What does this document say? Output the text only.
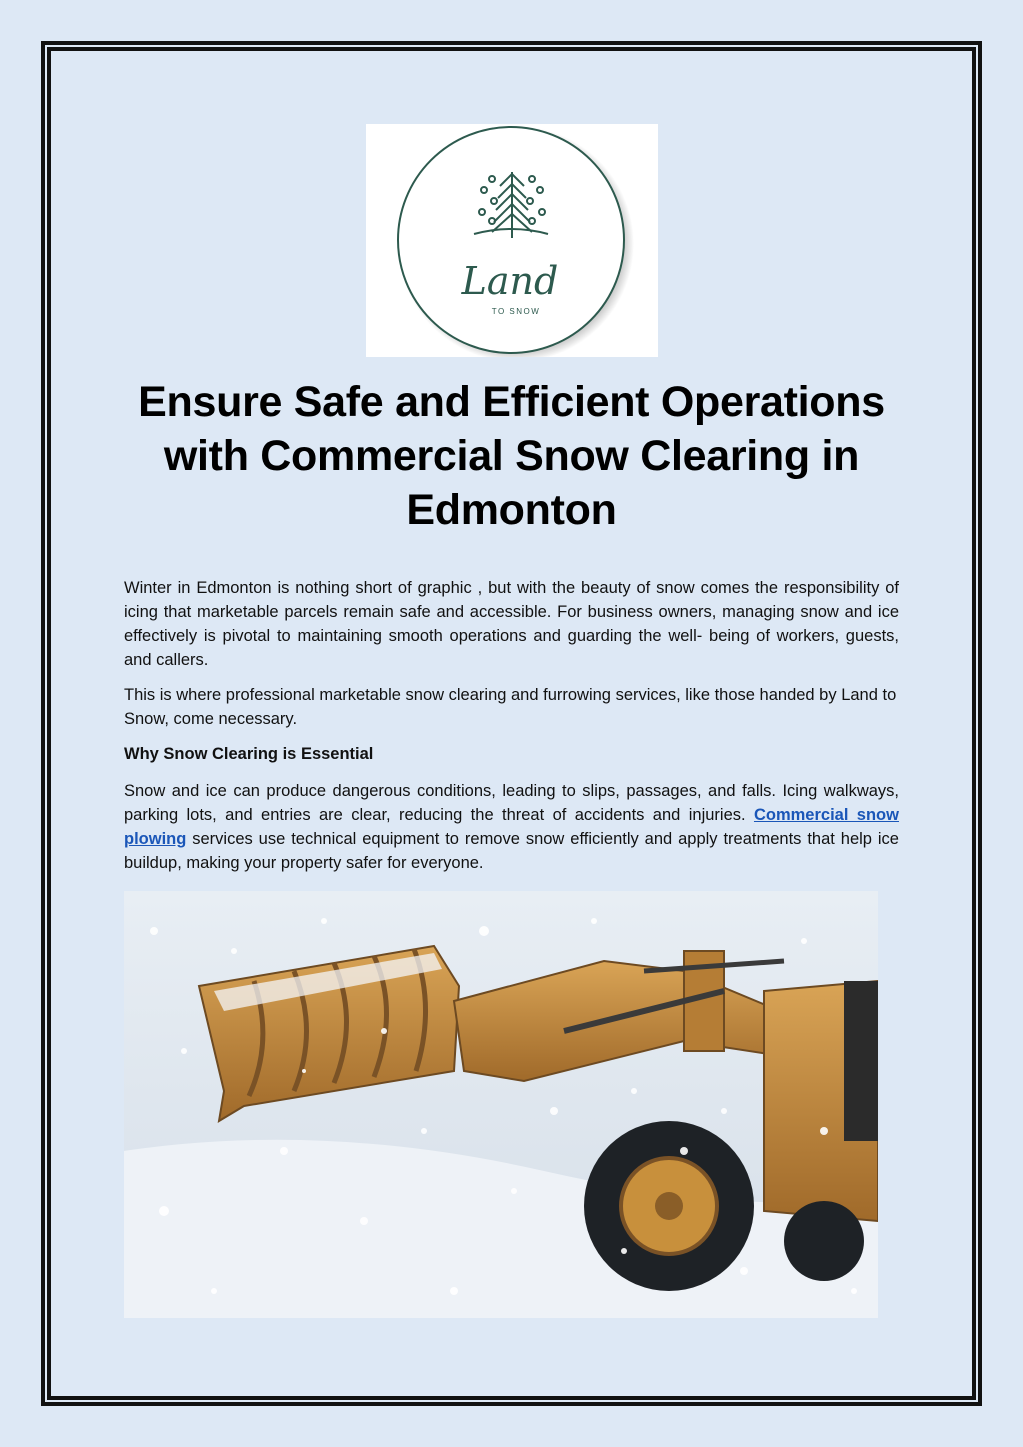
Land
TO SNOW
Ensure Safe and Efficient Operations with Commercial Snow Clearing in Edmonton

Winter in Edmonton is nothing short of graphic , but with the beauty of snow comes the responsibility of icing that marketable parcels remain safe and accessible. For business owners, managing snow and ice effectively is pivotal to maintaining smooth operations and guarding the well- being of workers, guests, and callers.

This is where professional marketable snow clearing and furrowing services, like those handed by Land to Snow, come necessary.

Why Snow Clearing is Essential

Snow and ice can produce dangerous conditions, leading to slips, passages, and falls. Icing walkways, parking lots, and entries are clear, reducing the threat of accidents and injuries. Commercial snow plowing services use technical equipment to remove snow efficiently and apply treatments that help ice buildup, making your property safer for everyone.
